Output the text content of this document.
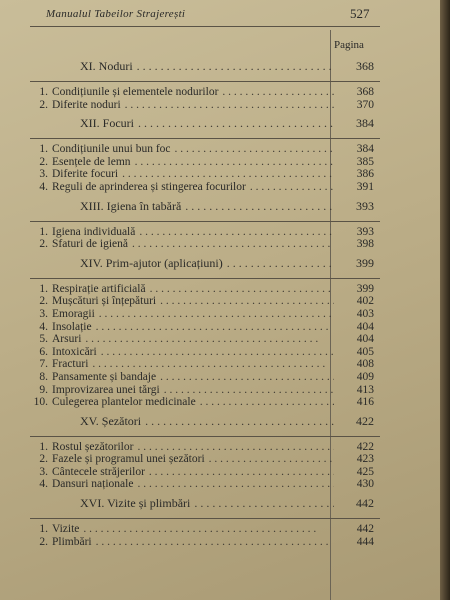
Manualul Tabeilor Strajerești	527
Pagina
XI. Noduri . . .	368
1. Condițiunile și elementele nodurilor . . .	368
2. Diferite noduri . . .	370
XII. Focuri . . .	384
1. Condițiunile unui bun foc . . .	384
2. Esențele de lemn . . .	385
3. Diferite focuri . . .	386
4. Reguli de aprinderea și stingerea focurilor . . .	391
XIII. Igiena în tabără . . .	393
1. Igiena individuală . . .	393
2. Sfaturi de igienă . . .	398
XIV. Prim-ajutor (aplicațiuni) . . .	399
1. Respirație artificială . . .	399
2. Mușcături și înțepături . . .	402
3. Emoragii . . .	403
4. Insolație . . .	404
5. Arsuri . . .	404
6. Intoxicări . . .	405
7. Fracturi . . .	408
8. Pansamente și bandaje . . .	409
9. Improvizarea unei tărgi . . .	413
10. Culegerea plantelor medicinale . . .	416
XV. Șezători . . .	422
1. Rostul șezătorilor . . .	422
2. Fazele și programul unei șezători . . .	423
3. Cântecele străjerilor . . .	425
4. Dansuri naționale . . .	430
XVI. Vizite și plimbări . . .	442
1. Vizite . . .	442
2. Plimbări . . .	444
